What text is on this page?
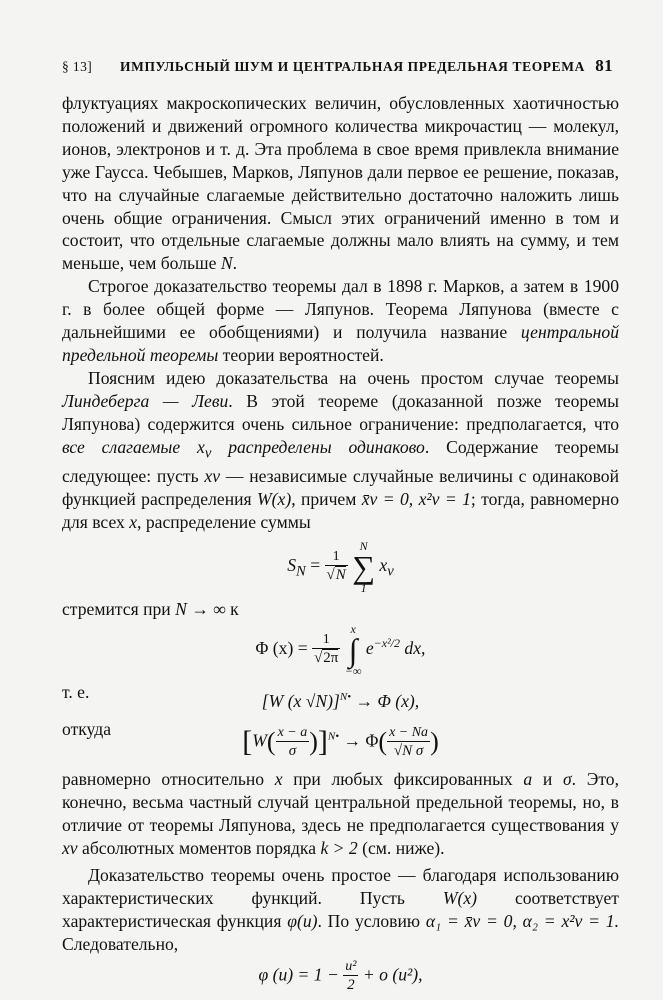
§ 13] ИМПУЛЬСНЫЙ ШУМ И ЦЕНТРАЛЬНАЯ ПРЕДЕЛЬНАЯ ТЕОРЕМА 81

флуктуациях макроскопических величин, обусловленных хаотичностью положений и движений огромного количества микрочастиц — молекул, ионов, электронов и т. д. Эта проблема в свое время привлекла внимание уже Гаусса. Чебышев, Марков, Ляпунов дали первое ее решение, показав, что на случайные слагаемые действительно достаточно наложить лишь очень общие ограничения. Смысл этих ограничений именно в том и состоит, что отдельные слагаемые должны мало влиять на сумму, и тем меньше, чем больше N.

Строгое доказательство теоремы дал в 1898 г. Марков, а затем в 1900 г. в более общей форме — Ляпунов. Теорема Ляпунова (вместе с дальнейшими ее обобщениями) и получила название центральной предельной теоремы теории вероятностей.

Поясним идею доказательства на очень простом случае теоремы Линдеберга — Леви. В этой теореме (доказанной позже теоремы Ляпунова) содержится очень сильное ограничение: предполагается, что все слагаемые $x_\nu$ распределены одинаково. Содержание теоремы следующее: пусть xν — независимые случайные величины с одинаковой функцией распределения W(x), причем x̄ν = 0, x²ν = 1; тогда, равномерно для всех x, распределение суммы

$S_N = \frac{1}{√N}$

N
∑
1
$x_\nu$

стремится при N → ∞ к

Φ $(x) = \frac{1}{√2\pi}$

x
∫
−∞
$e^{-x^2/2}$ dx,

т. е.	[W (x √N)]$^{N•}$ → Φ (x),

откуда	$[W( \frac{x - a}{\sigma} )]^{N•} \to \Phi( \frac{x - Na}{\text{√N σ}}$ )

равномерно относительно x при любых фиксированных a и σ. Это, конечно, весьма частный случай центральной предельной теоремы, но, в отличие от теоремы Ляпунова, здесь не предполагается существования у xν абсолютных моментов порядка k > 2 (см. ниже).

Доказательство теоремы очень простое — благодаря использованию характеристических функций. Пусть W(x) соответствует характеристическая функция φ(u). По условию α₁ = x̄ν = 0, α₂ = x²ν = 1. Следовательно,

φ $(u) = 1 - \frac{\text{u²}}{2} + o$ (u²),
